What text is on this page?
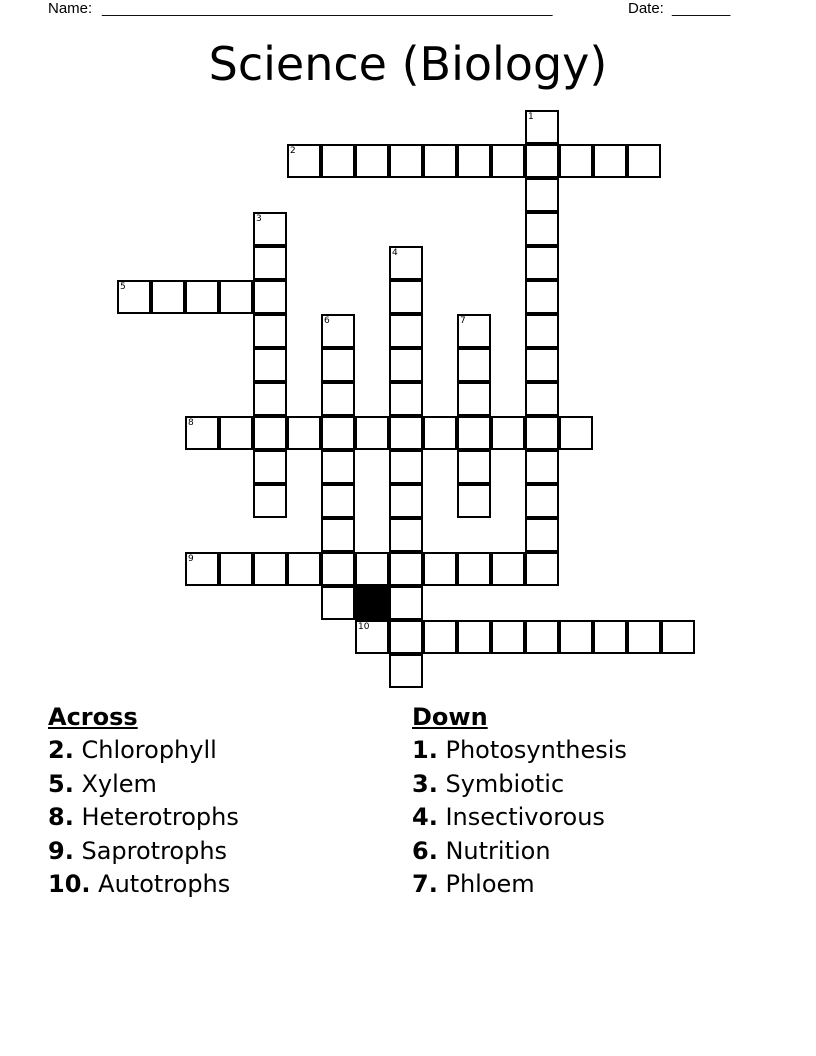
Name: ______________________________________________________	Date: _______
Science (Biology)
1
2
3
4
5
6	7
8
9
10
Across
2. Chlorophyll
5. Xylem
8. Heterotrophs
9. Saprotrophs
10. Autotrophs
Down
1. Photosynthesis
3. Symbiotic
4. Insectivorous
6. Nutrition
7. Phloem
